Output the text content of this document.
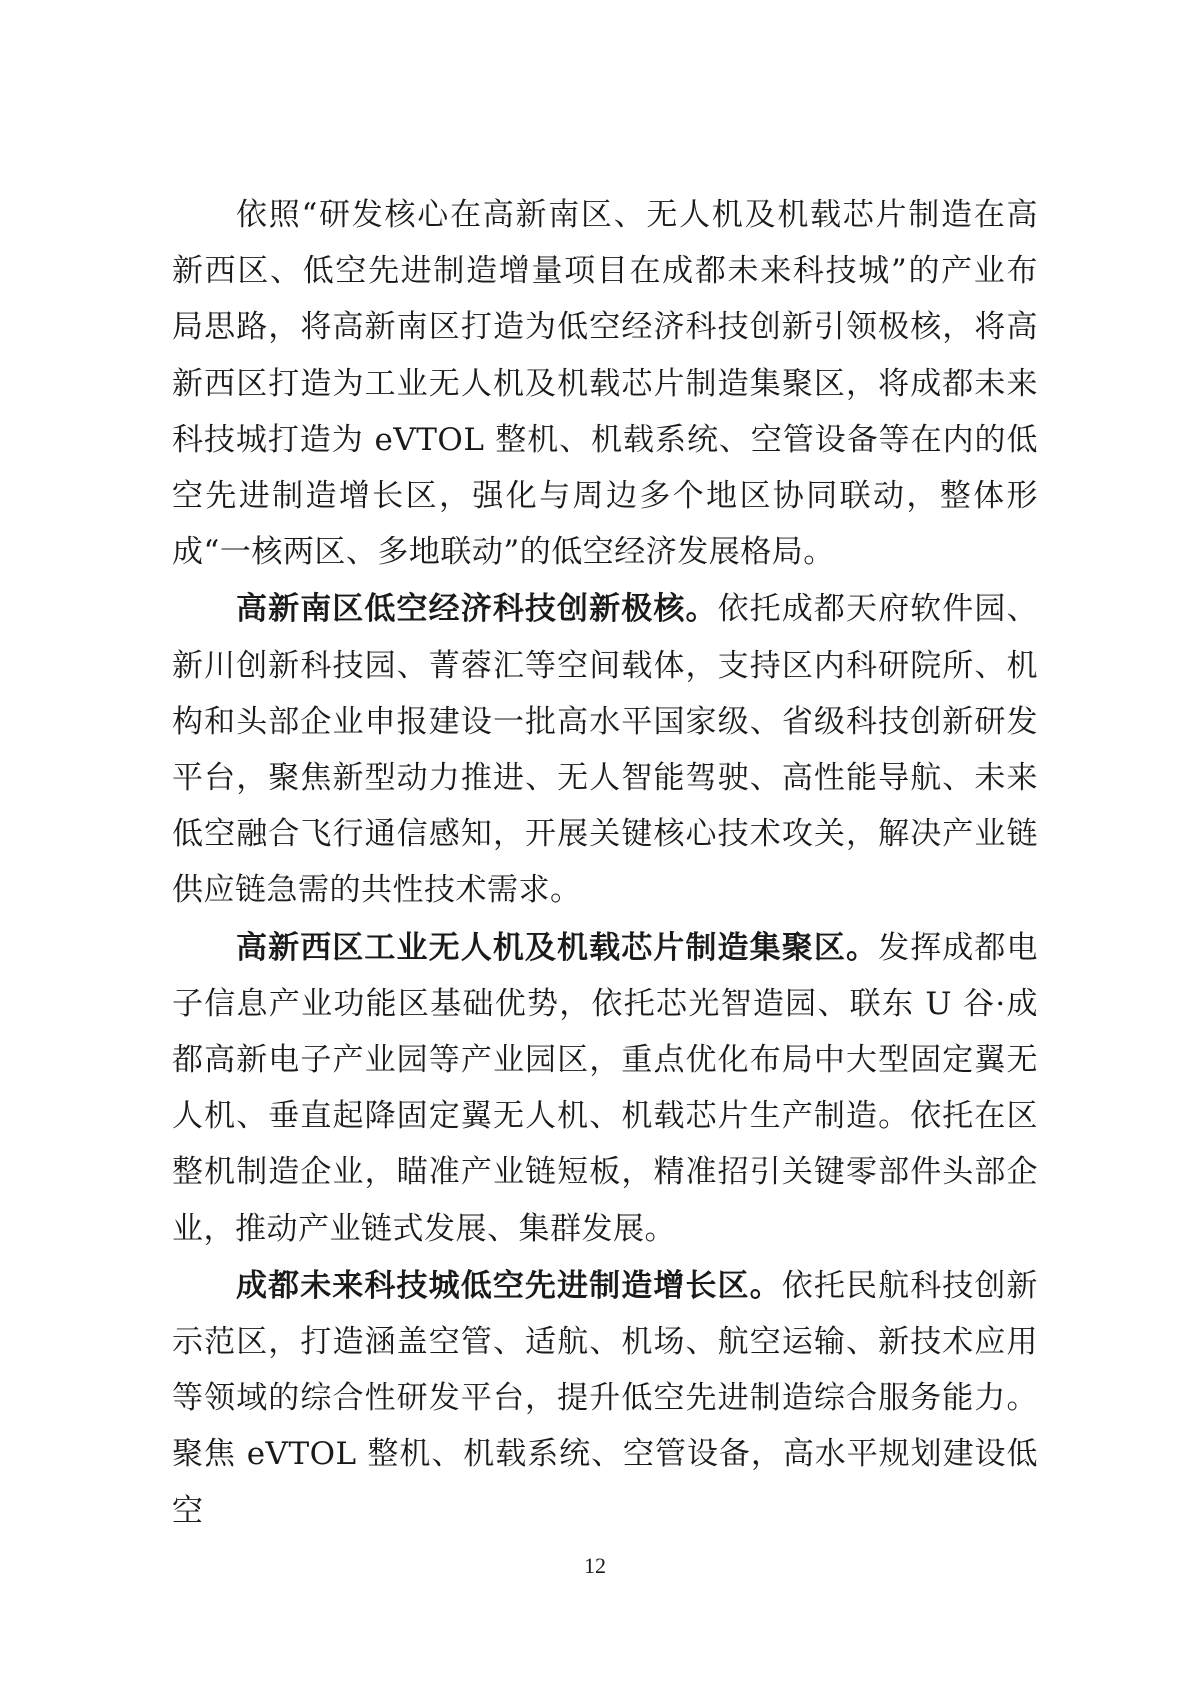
依照“研发核心在高新南区、无人机及机载芯片制造在高新西区、低空先进制造增量项目在成都未来科技城”的产业布局思路，将高新南区打造为低空经济科技创新引领极核，将高新西区打造为工业无人机及机载芯片制造集聚区，将成都未来科技城打造为 eVTOL 整机、机载系统、空管设备等在内的低空先进制造增长区，强化与周边多个地区协同联动，整体形成“一核两区、多地联动”的低空经济发展格局。

高新南区低空经济科技创新极核。依托成都天府软件园、新川创新科技园、菁蓉汇等空间载体，支持区内科研院所、机构和头部企业申报建设一批高水平国家级、省级科技创新研发平台，聚焦新型动力推进、无人智能驾驶、高性能导航、未来低空融合飞行通信感知，开展关键核心技术攻关，解决产业链供应链急需的共性技术需求。

高新西区工业无人机及机载芯片制造集聚区。发挥成都电子信息产业功能区基础优势，依托芯光智造园、联东 U 谷·成都高新电子产业园等产业园区，重点优化布局中大型固定翼无人机、垂直起降固定翼无人机、机载芯片生产制造。依托在区整机制造企业，瞄准产业链短板，精准招引关键零部件头部企业，推动产业链式发展、集群发展。

成都未来科技城低空先进制造增长区。依托民航科技创新示范区，打造涵盖空管、适航、机场、航空运输、新技术应用等领域的综合性研发平台，提升低空先进制造综合服务能力。聚焦 eVTOL 整机、机载系统、空管设备，高水平规划建设低空

12
